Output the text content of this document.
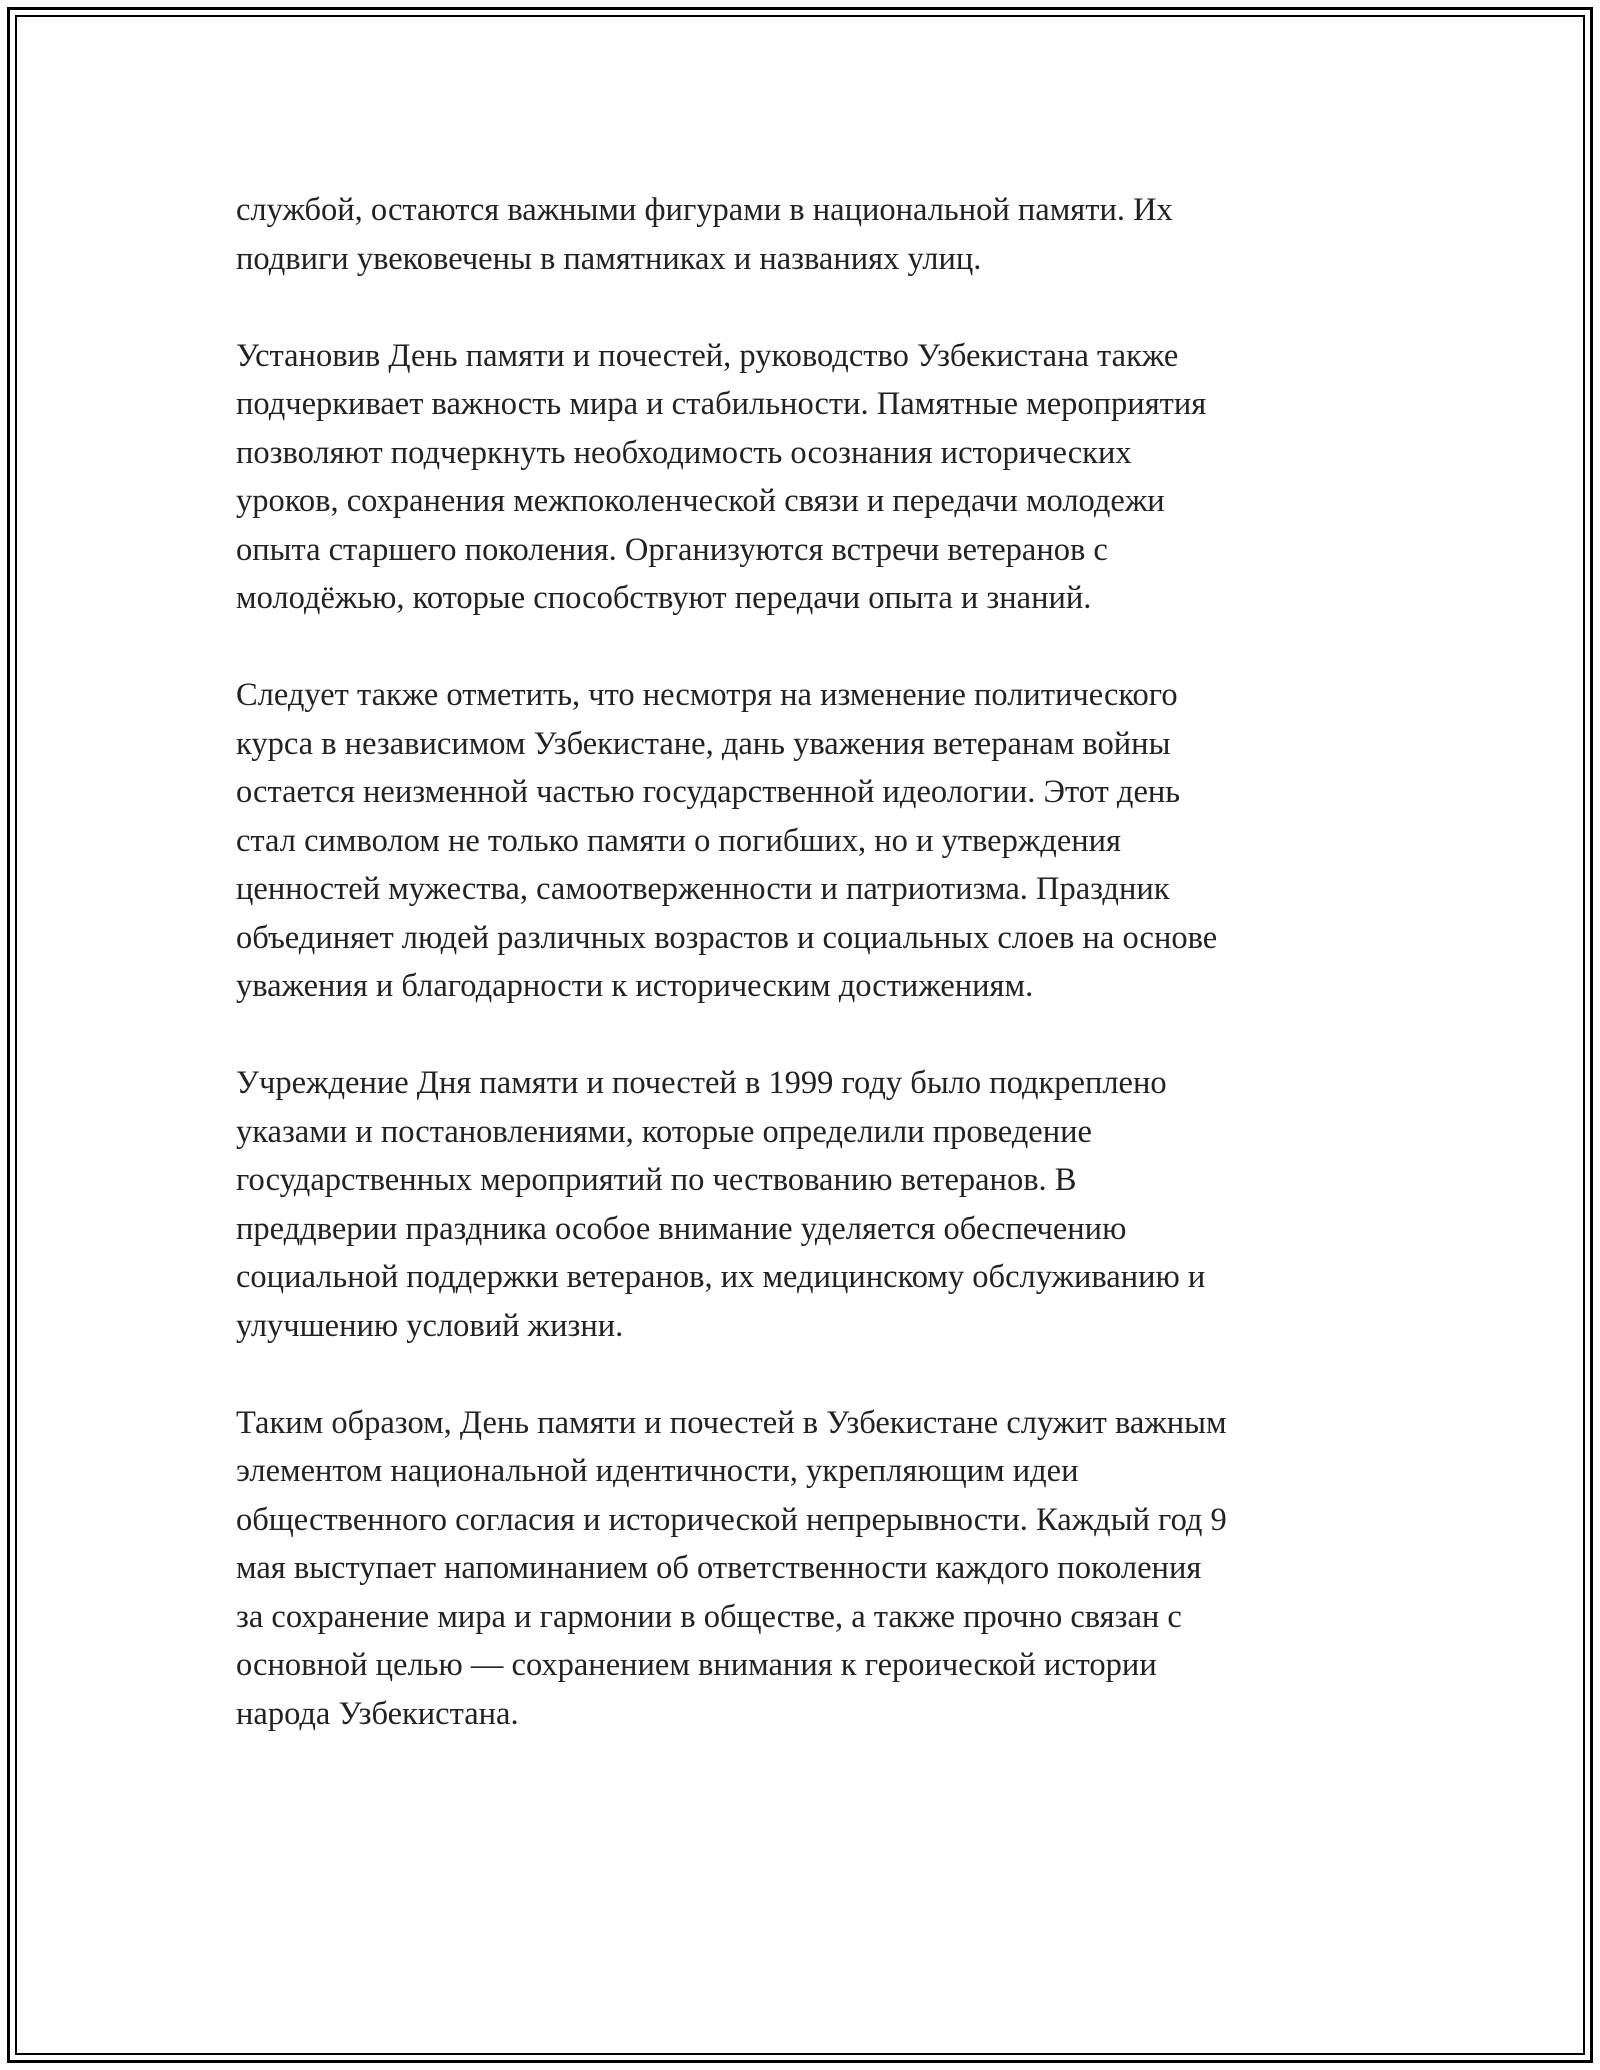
службой, остаются важными фигурами в национальной памяти. Их
подвиги увековечены в памятниках и названиях улиц.

Установив День памяти и почестей, руководство Узбекистана также
подчеркивает важность мира и стабильности. Памятные мероприятия
позволяют подчеркнуть необходимость осознания исторических
уроков, сохранения межпоколенческой связи и передачи молодежи
опыта старшего поколения. Организуются встречи ветеранов с
молодёжью, которые способствуют передачи опыта и знаний.

Следует также отметить, что несмотря на изменение политического
курса в независимом Узбекистане, дань уважения ветеранам войны
остается неизменной частью государственной идеологии. Этот день
стал символом не только памяти о погибших, но и утверждения
ценностей мужества, самоотверженности и патриотизма. Праздник
объединяет людей различных возрастов и социальных слоев на основе
уважения и благодарности к историческим достижениям.

Учреждение Дня памяти и почестей в 1999 году было подкреплено
указами и постановлениями, которые определили проведение
государственных мероприятий по чествованию ветеранов. В
преддверии праздника особое внимание уделяется обеспечению
социальной поддержки ветеранов, их медицинскому обслуживанию и
улучшению условий жизни.

Таким образом, День памяти и почестей в Узбекистане служит важным
элементом национальной идентичности, укрепляющим идеи
общественного согласия и исторической непрерывности. Каждый год 9
мая выступает напоминанием об ответственности каждого поколения
за сохранение мира и гармонии в обществе, а также прочно связан с
основной целью — сохранением внимания к героической истории
народа Узбекистана.
